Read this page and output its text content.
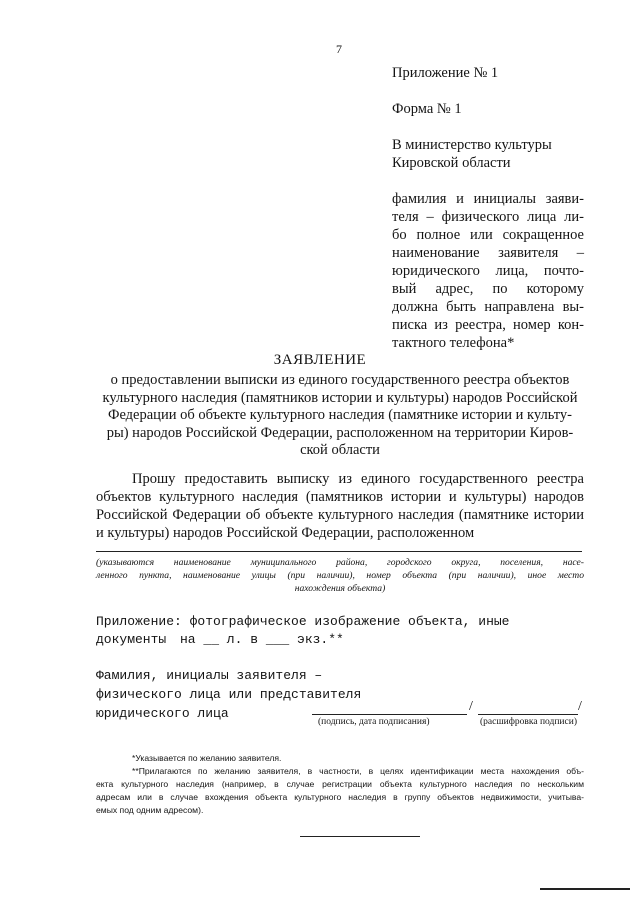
7
Приложение № 1
Форма № 1
В министерство культуры
Кировской области
фамилия и инициалы заяви-
теля – физического лица ли-
бо полное или сокращенное
наименование заявителя –
юридического лица, почто-
вый адрес, по которому
должна быть направлена вы-
писка из реестра, номер кон-
тактного телефона*
ЗАЯВЛЕНИЕ
о предоставлении выписки из единого государственного реестра объектов
культурного наследия (памятников истории и культуры) народов Российской
Федерации об объекте культурного наследия (памятнике истории и культу-
ры) народов Российской Федерации, расположенном на территории Киров-
ской области
Прошу предоставить выписку из единого государственного реестра
объектов культурного наследия (памятников истории и культуры) народов
Российской Федерации об объекте культурного наследия (памятнике истории
и культуры) народов Российской Федерации, расположенном
(указываются наименование муниципального района, городского округа, поселения, насе-
ленного пункта, наименование улицы (при наличии), номер объекта (при наличии), иное место
нахождения объекта)
Приложение: фотографическое изображение объекта, иные документы	на __ л. в ___ экз.**
Фамилия, инициалы заявителя –
физического лица или представителя
юридического лица	/	/
(подпись, дата подписания)	(расшифровка подписи)
*Указывается по желанию заявителя.
**Прилагаются по желанию заявителя, в частности, в целях идентификации места нахождения объ-
екта культурного наследия (например, в случае регистрации объекта культурного наследия по нескольким
адресам или в случае вхождения объекта культурного наследия в группу объектов недвижимости, учитыва-
емых под одним адресом).
